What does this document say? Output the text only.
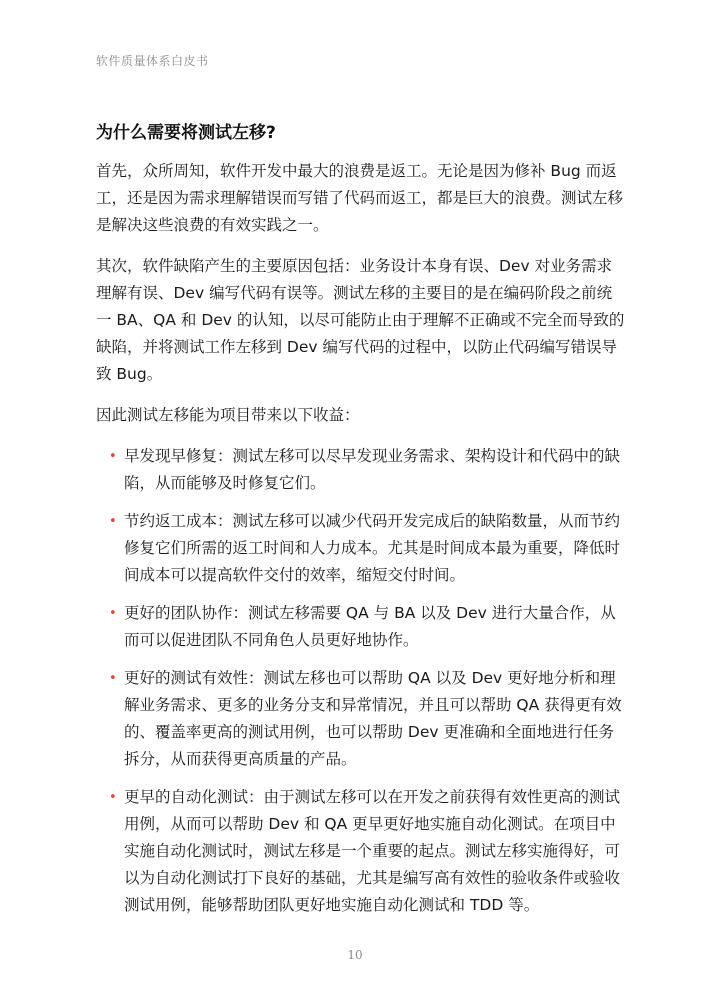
软件质量体系白皮书
为什么需要将测试左移?

首先，众所周知，软件开发中最大的浪费是返工。无论是因为修补 Bug 而返工，还是因为需求理解错误而写错了代码而返工，都是巨大的浪费。测试左移是解决这些浪费的有效实践之一。

其次，软件缺陷产生的主要原因包括：业务设计本身有误、Dev 对业务需求理解有误、Dev 编写代码有误等。测试左移的主要目的是在编码阶段之前统一 BA、QA 和 Dev 的认知，以尽可能防止由于理解不正确或不完全而导致的缺陷，并将测试工作左移到 Dev 编写代码的过程中，以防止代码编写错误导致 Bug。

因此测试左移能为项目带来以下收益：

• 早发现早修复：测试左移可以尽早发现业务需求、架构设计和代码中的缺陷，从而能够及时修复它们。
• 节约返工成本：测试左移可以减少代码开发完成后的缺陷数量，从而节约修复它们所需的返工时间和人力成本。尤其是时间成本最为重要，降低时间成本可以提高软件交付的效率，缩短交付时间。
• 更好的团队协作：测试左移需要 QA 与 BA 以及 Dev 进行大量合作，从而可以促进团队不同角色人员更好地协作。
• 更好的测试有效性：测试左移也可以帮助 QA 以及 Dev 更好地分析和理解业务需求、更多的业务分支和异常情况，并且可以帮助 QA 获得更有效的、覆盖率更高的测试用例，也可以帮助 Dev 更准确和全面地进行任务拆分，从而获得更高质量的产品。
• 更早的自动化测试：由于测试左移可以在开发之前获得有效性更高的测试用例，从而可以帮助 Dev 和 QA 更早更好地实施自动化测试。在项目中实施自动化测试时，测试左移是一个重要的起点。测试左移实施得好，可以为自动化测试打下良好的基础，尤其是编写高有效性的验收条件或验收测试用例，能够帮助团队更好地实施自动化测试和 TDD 等。
10
